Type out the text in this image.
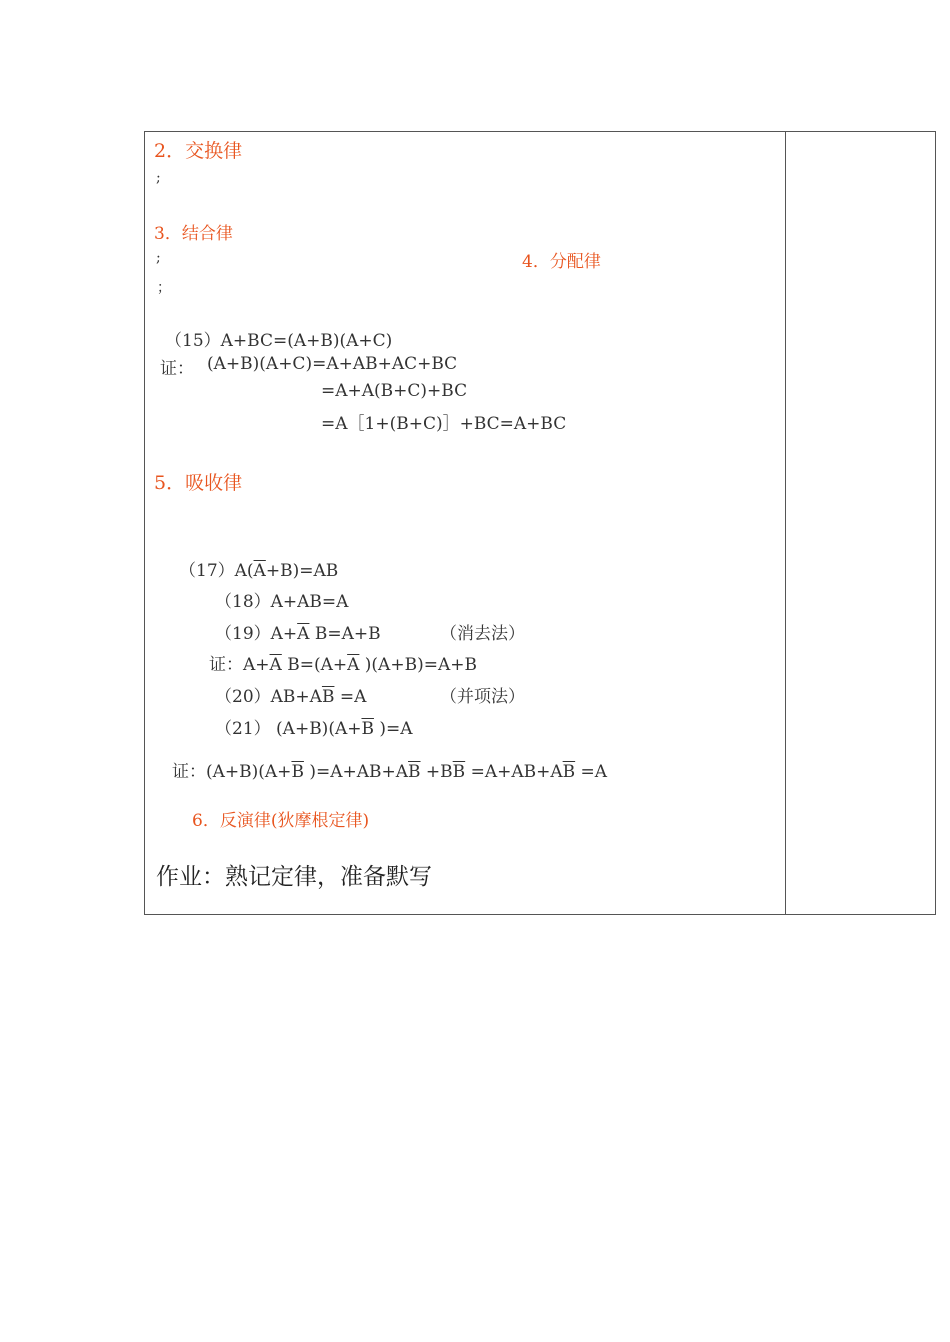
2．交换律
;
3．结合律
;	4．分配律
；
（15）A+BC=(A+B)(A+C)
证： (A+B)(A+C)=A+AB+AC+BC
=A+A(B+C)+BC
=A［1+(B+C)］+BC=A+BC
5．吸收律
$(17)A(\overline{A}+B)=AB$
（18）A+AB=A
$(19)A+\overline{A}$ B=A+B	（消去法）
证：$A+\overline{A}$ $B=(A+\overline{A}$ )(A+B)=A+B
$(20)AB+A\overline{B} =A$	（并项法）
（21） $(A+B)(A+\overline{B}$ )=A
证：$(A+B)(A+\overline{B}$ )$=A+AB+A\overline{B} +B\overline{B} =A+AB+A\overline{B} =A$
6．反演律(狄摩根定律)
作业：熟记定律，准备默写
